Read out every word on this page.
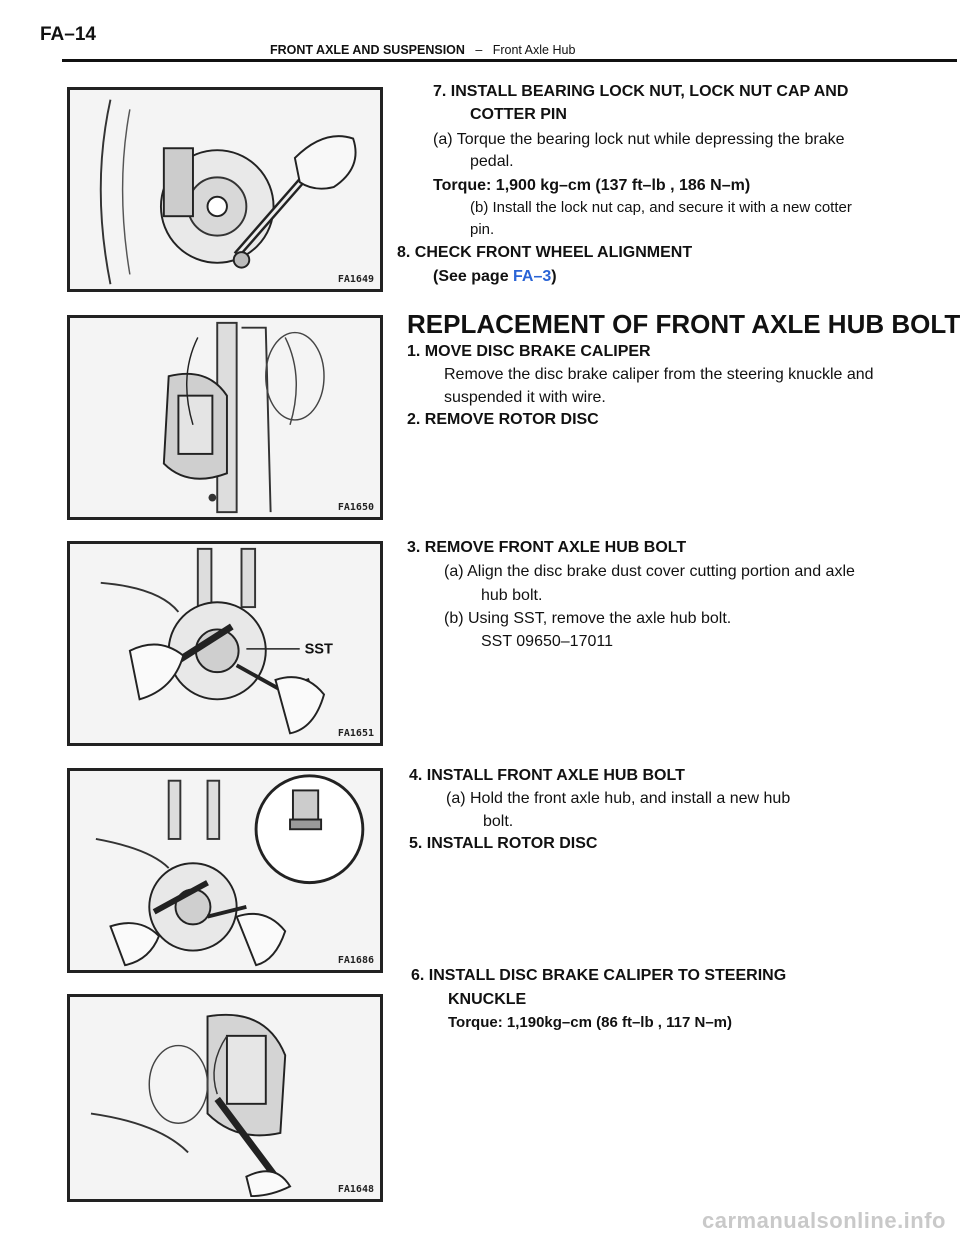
FA–14
FRONT AXLE AND SUSPENSION – Front Axle Hub
FA1649
FA1650
SST
FA1651
FA1686
FA1648
7. INSTALL BEARING LOCK NUT, LOCK NUT CAP AND
COTTER PIN
(a) Torque the bearing lock nut while depressing the brake
pedal.
Torque: 1,900 kg–cm (137 ft–lb , 186 N–m)
(b) Install the lock nut cap, and secure it with a new cotter
pin.
8. CHECK FRONT WHEEL ALIGNMENT
(See page FA–3)
REPLACEMENT OF FRONT AXLE HUB BOLT
1. MOVE DISC BRAKE CALIPER
Remove the disc brake caliper from the steering knuckle and
suspended it with wire.
2. REMOVE ROTOR DISC
3. REMOVE FRONT AXLE HUB BOLT
(a) Align the disc brake dust cover cutting portion and axle
hub bolt.
(b) Using SST, remove the axle hub bolt.
SST 09650–17011
4. INSTALL FRONT AXLE HUB BOLT
(a) Hold the front axle hub, and install a new hub
bolt.
5. INSTALL ROTOR DISC
6. INSTALL DISC BRAKE CALIPER TO STEERING
KNUCKLE
Torque: 1,190kg–cm (86 ft–lb , 117 N–m)
carmanualsonline.info
